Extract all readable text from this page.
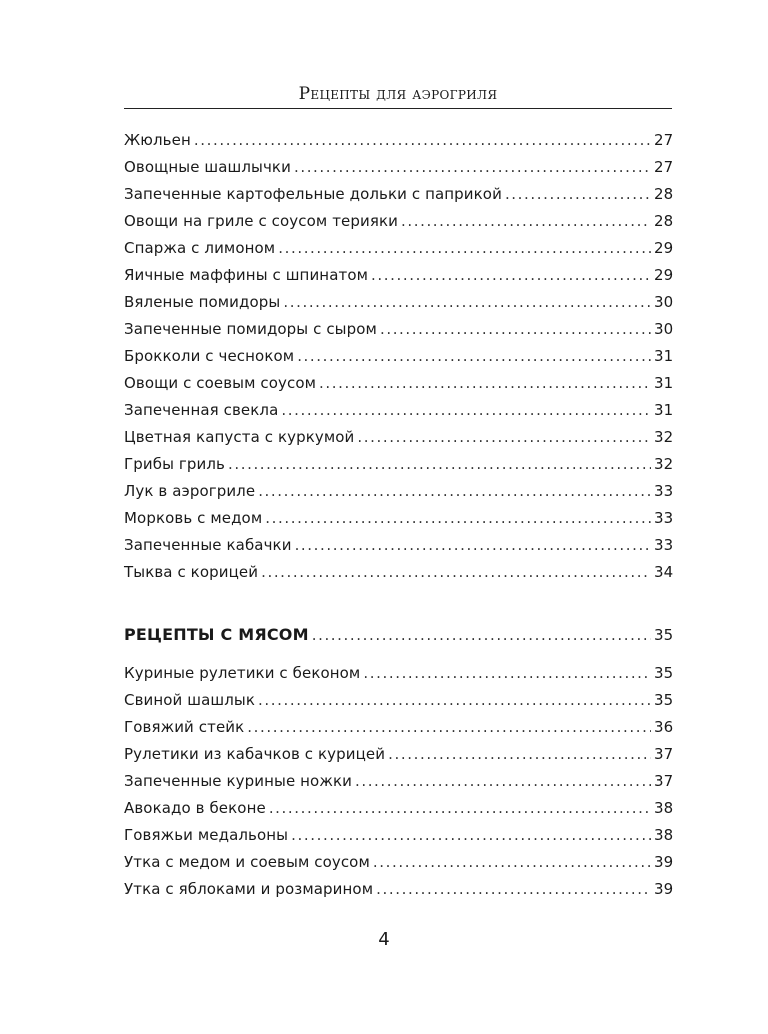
Рецепты для аэрогриля
Жюльен .....	27
Овощные шашлычки .....	27
Запеченные картофельные дольки с паприкой .....	28
Овощи на гриле с соусом терияки .....	28
Спаржа с лимоном .....	29
Яичные маффины с шпинатом .....	29
Вяленые помидоры .....	30
Запеченные помидоры с сыром .....	30
Брокколи с чесноком .....	31
Овощи с соевым соусом .....	31
Запеченная свекла .....	31
Цветная капуста с куркумой .....	32
Грибы гриль .....	32
Лук в аэрогриле .....	33
Морковь с медом .....	33
Запеченные кабачки .....	33
Тыква с корицей .....	34
РЕЦЕПТЫ С МЯСОМ .....	35
Куриные рулетики с беконом .....	35
Свиной шашлык .....	35
Говяжий стейк .....	36
Рулетики из кабачков с курицей .....	37
Запеченные куриные ножки .....	37
Авокадо в беконе .....	38
Говяжьи медальоны .....	38
Утка с медом и соевым соусом .....	39
Утка с яблоками и розмарином .....	39
4
